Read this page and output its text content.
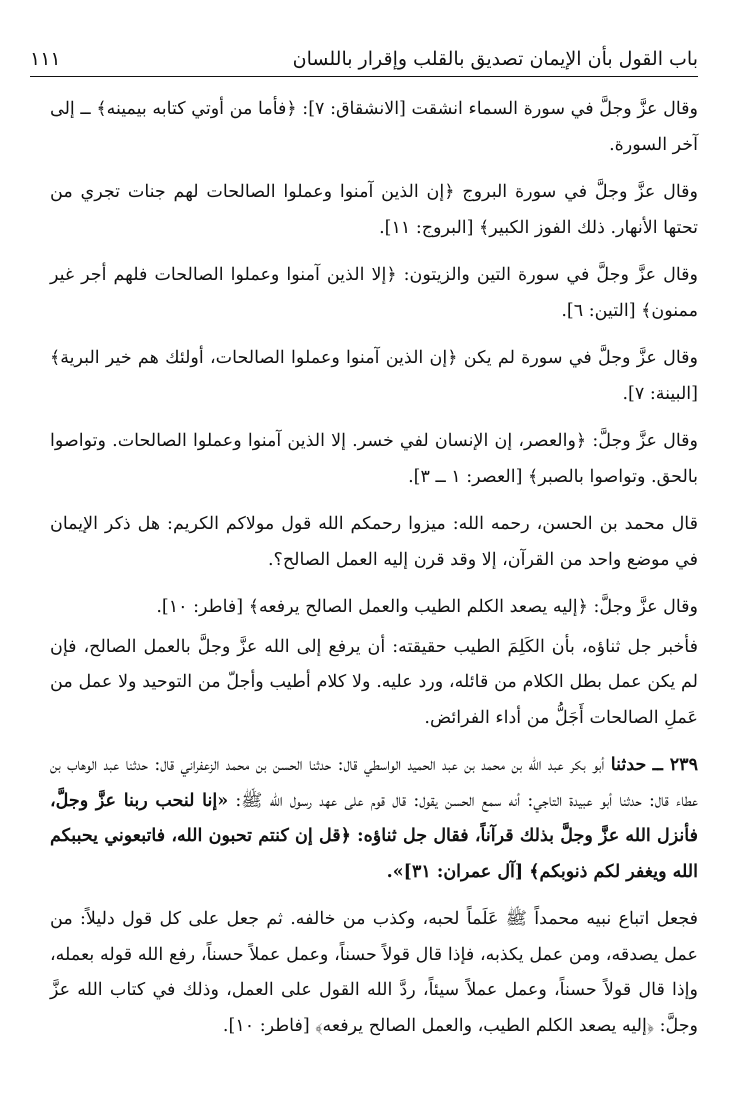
باب القول بأن الإيمان تصديق بالقلب وإقرار باللسان
١١١

وقال عزَّ وجلَّ في سورة السماء انشقت [الانشقاق: ٧]: ﴿فأما من أوتي كتابه بيمينه﴾ ــ إلى آخر السورة.

وقال عزَّ وجلَّ في سورة البروج ﴿إن الذين آمنوا وعملوا الصالحات لهم جنات تجري من تحتها الأنهار. ذلك الفوز الكبير﴾ [البروج: ١١].

وقال عزَّ وجلَّ في سورة التين والزيتون: ﴿إلا الذين آمنوا وعملوا الصالحات فلهم أجر غير ممنون﴾ [التين: ٦].

وقال عزَّ وجلَّ في سورة لم يكن ﴿إن الذين آمنوا وعملوا الصالحات، أولئك هم خير البرية﴾ [البينة: ٧].

وقال عزَّ وجلَّ: ﴿والعصر، إن الإنسان لفي خسر. إلا الذين آمنوا وعملوا الصالحات. وتواصوا بالحق. وتواصوا بالصبر﴾ [العصر: ١ ــ ٣].

قال محمد بن الحسن، رحمه الله: ميزوا رحمكم الله قول مولاكم الكريم: هل ذكر الإيمان في موضع واحد من القرآن، إلا وقد قرن إليه العمل الصالح؟.

وقال عزَّ وجلَّ: ﴿إليه يصعد الكلم الطيب والعمل الصالح يرفعه﴾ [فاطر: ١٠].

فأخبر جل ثناؤه، بأن الكَلِمَ الطيب حقيقته: أن يرفع إلى الله عزَّ وجلَّ بالعمل الصالح، فإن لم يكن عمل بطل الكلام من قائله، ورد عليه. ولا كلام أطيب وأجلّ من التوحيد ولا عمل من عَملِ الصالحات أَجَلُّ من أداء الفرائض.

٢٣٩ ــ حدثنا أبو بكر عبد الله بن محمد بن عبد الحميد الواسطي قال: حدثنا الحسن بن محمد الزعفراني قال: حدثنا عبد الوهاب بن عطاء قال: حدثنا أبو عبيدة التاجي: أنه سمع الحسن يقول: قال قوم على عهد رسول الله ﷺ: «إنا لنحب ربنا عزَّ وجلَّ، فأنزل الله عزَّ وجلَّ بذلك قرآناً، فقال جل ثناؤه: ﴿قل إن كنتم تحبون الله، فاتبعوني يحببكم الله ويغفر لكم ذنوبكم﴾ [آل عمران: ٣١]».

فجعل اتباع نبيه محمداً ﷺ عَلَماً لحبه، وكذب من خالفه. ثم جعل على كل قول دليلاً: من عمل يصدقه، ومن عمل يكذبه، فإذا قال قولاً حسناً، وعمل عملاً حسناً، رفع الله قوله بعمله، وإذا قال قولاً حسناً، وعمل عملاً سيئاً، ردَّ الله القول على العمل، وذلك في كتاب الله عزَّ وجلَّ: ﴿إليه يصعد الكلم الطيب، والعمل الصالح يرفعه﴾ [فاطر: ١٠].
